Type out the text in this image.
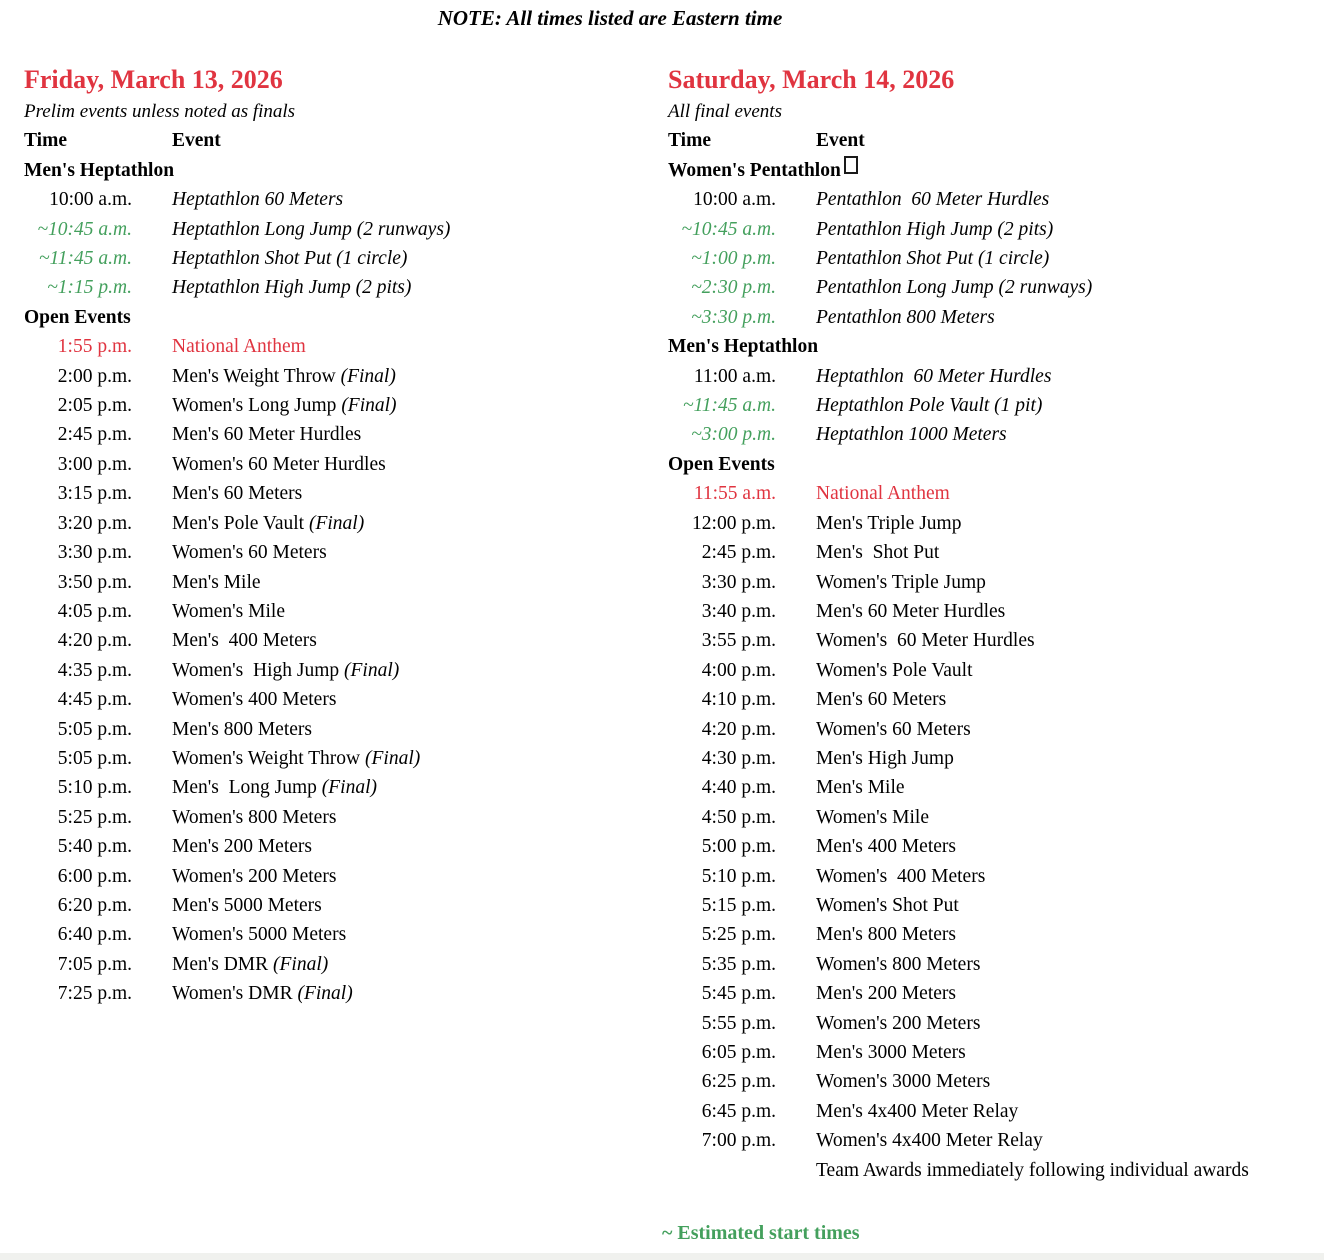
NOTE: All times listed are Eastern time
Friday, March 13, 2026
Prelim events unless noted as finals
Time	Event
Men's Heptathlon	
10:00 a.m.	Heptathlon 60 Meters
~10:45 a.m.	Heptathlon Long Jump (2 runways)
~11:45 a.m.	Heptathlon Shot Put (1 circle)
~1:15 p.m.	Heptathlon High Jump (2 pits)
Open Events	
1:55 p.m.	National Anthem
2:00 p.m.	Men's Weight Throw (Final)
2:05 p.m.	Women's Long Jump (Final)
2:45 p.m.	Men's 60 Meter Hurdles
3:00 p.m.	Women's 60 Meter Hurdles
3:15 p.m.	Men's 60 Meters
3:20 p.m.	Men's Pole Vault (Final)
3:30 p.m.	Women's 60 Meters
3:50 p.m.	Men's Mile
4:05 p.m.	Women's Mile
4:20 p.m.	Men's  400 Meters
4:35 p.m.	Women's  High Jump (Final)
4:45 p.m.	Women's 400 Meters
5:05 p.m.	Men's 800 Meters
5:05 p.m.	Women's Weight Throw (Final)
5:10 p.m.	Men's  Long Jump (Final)
5:25 p.m.	Women's 800 Meters
5:40 p.m.	Men's 200 Meters
6:00 p.m.	Women's 200 Meters
6:20 p.m.	Men's 5000 Meters
6:40 p.m.	Women's 5000 Meters
7:05 p.m.	Men's DMR (Final)
7:25 p.m.	Women's DMR (Final)
Saturday, March 14, 2026
All final events
Time	Event
Women's Pentathlon	
10:00 a.m.	Pentathlon  60 Meter Hurdles
~10:45 a.m.	Pentathlon High Jump (2 pits)
~1:00 p.m.	Pentathlon Shot Put (1 circle)
~2:30 p.m.	Pentathlon Long Jump (2 runways)
~3:30 p.m.	Pentathlon 800 Meters
Men's Heptathlon	
11:00 a.m.	Heptathlon  60 Meter Hurdles
~11:45 a.m.	Heptathlon Pole Vault (1 pit)
~3:00 p.m.	Heptathlon 1000 Meters
Open Events	
11:55 a.m.	National Anthem
12:00 p.m.	Men's Triple Jump
2:45 p.m.	Men's  Shot Put
3:30 p.m.	Women's Triple Jump
3:40 p.m.	Men's 60 Meter Hurdles
3:55 p.m.	Women's  60 Meter Hurdles
4:00 p.m.	Women's Pole Vault
4:10 p.m.	Men's 60 Meters
4:20 p.m.	Women's 60 Meters
4:30 p.m.	Men's High Jump
4:40 p.m.	Men's Mile
4:50 p.m.	Women's Mile
5:00 p.m.	Men's 400 Meters
5:10 p.m.	Women's  400 Meters
5:15 p.m.	Women's Shot Put
5:25 p.m.	Men's 800 Meters
5:35 p.m.	Women's 800 Meters
5:45 p.m.	Men's 200 Meters
5:55 p.m.	Women's 200 Meters
6:05 p.m.	Men's 3000 Meters
6:25 p.m.	Women's 3000 Meters
6:45 p.m.	Men's 4x400 Meter Relay
7:00 p.m.	Women's 4x400 Meter Relay
	Team Awards immediately following individual awards
~ Estimated start times
